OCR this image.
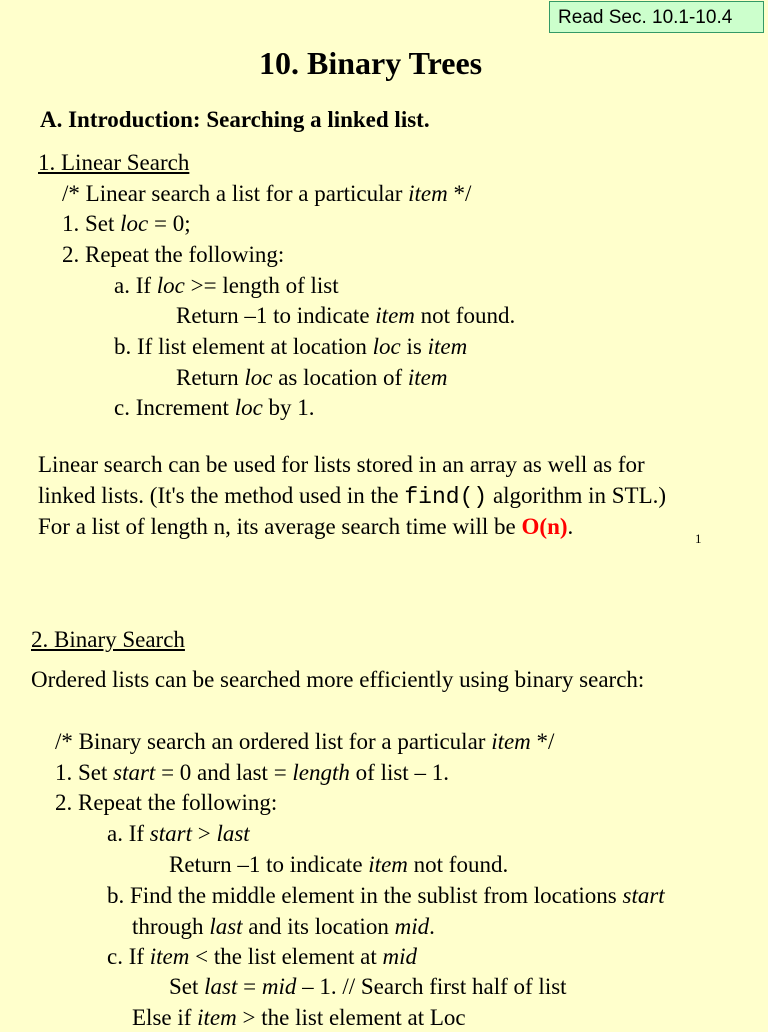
Read Sec. 10.1-10.4
10. Binary Trees
A. Introduction: Searching a linked list.
1. Linear Search
/* Linear search a list for a particular item */
1. Set loc = 0;
2. Repeat the following:
a. If loc >= length of list
Return –1 to indicate item not found.
b. If list element at location loc is item
Return loc as location of item
c. Increment loc by 1.
Linear search can be used for lists stored in an array as well as for
linked lists. (It's the method used in the find() algorithm in STL.)
For a list of length n, its average search time will be O(n).	1
2. Binary Search
Ordered lists can be searched more efficiently using binary search:
/* Binary search an ordered list for a particular item */
1. Set start = 0 and last = length of list – 1.
2. Repeat the following:
a. If start > last
Return –1 to indicate item not found.
b. Find the middle element in the sublist from locations start
through last and its location mid.
c. If item < the list element at mid
Set last = mid – 1. // Search first half of list
Else if item > the list element at Loc
